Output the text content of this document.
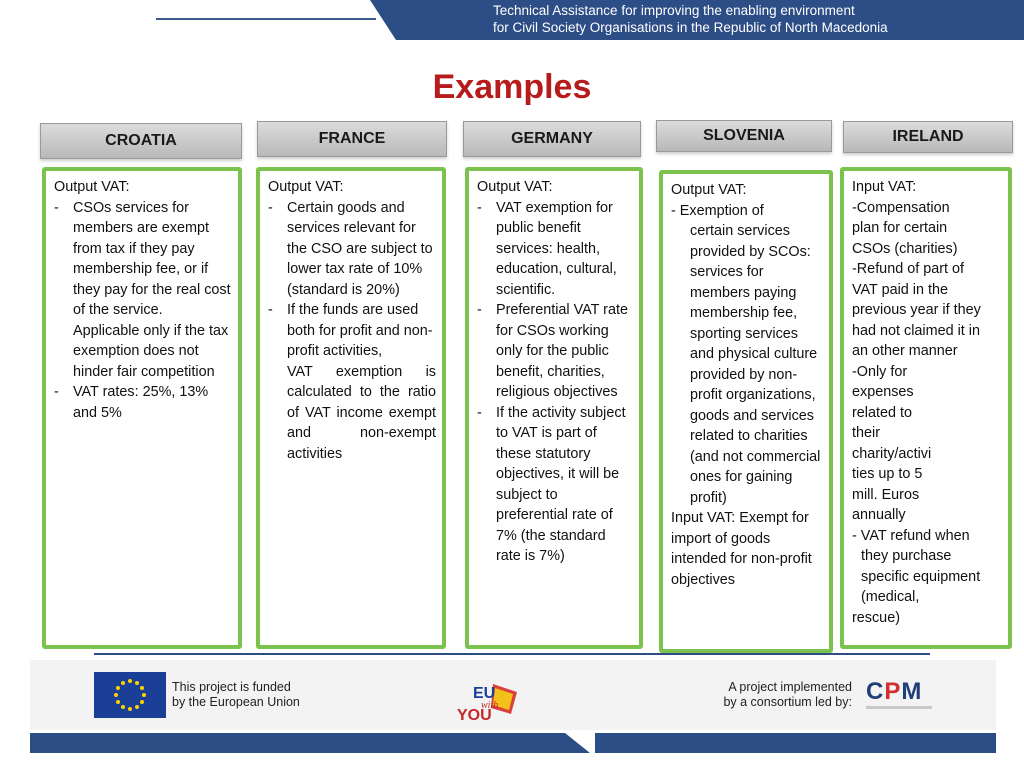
Technical Assistance for improving the enabling environment
for Civil Society Organisations in the Republic of North Macedonia
Examples
CROATIA	FRANCE	GERMANY	SLOVENIA	IRELAND
Output VAT:
- CSOs services for members are exempt from tax if they pay membership fee, or if they pay for the real cost of the service. Applicable only if the tax exemption does not hinder fair competition
- VAT rates: 25%, 13% and 5%
Output VAT:
- Certain goods and services relevant for the CSO are subject to lower tax rate of 10% (standard is 20%)
- If the funds are used both for profit and non-profit activities,
VAT exemption is calculated to the ratio of VAT income exempt and non-exempt activities
Output VAT:
- VAT exemption for public benefit services: health, education, cultural, scientific.
- Preferential VAT rate for CSOs working only for the public benefit, charities, religious objectives
- If the activity subject to VAT is part of these statutory objectives, it will be subject to preferential rate of 7% (the standard rate is 7%)
Output VAT:
- Exemption of
certain services provided by SCOs: services for members paying membership fee, sporting services and physical culture provided by non-profit organizations, goods and services related to charities (and not commercial ones for gaining profit)
Input VAT: Exempt for import of goods intended for non-profit objectives
Input VAT:
-Compensation
plan for certain
CSOs (charities)
-Refund of part of
VAT paid in the
previous year if they
had not claimed it in
an other manner
-Only for
expenses
related to
their
charity/activi
ties up to 5
mill. Euros
annually
- VAT refund when
they purchase
specific equipment
(medical,
rescue)
This project is funded
by the European Union	EU
with
YOU
A project implemented
by a consortium led by: CPM
